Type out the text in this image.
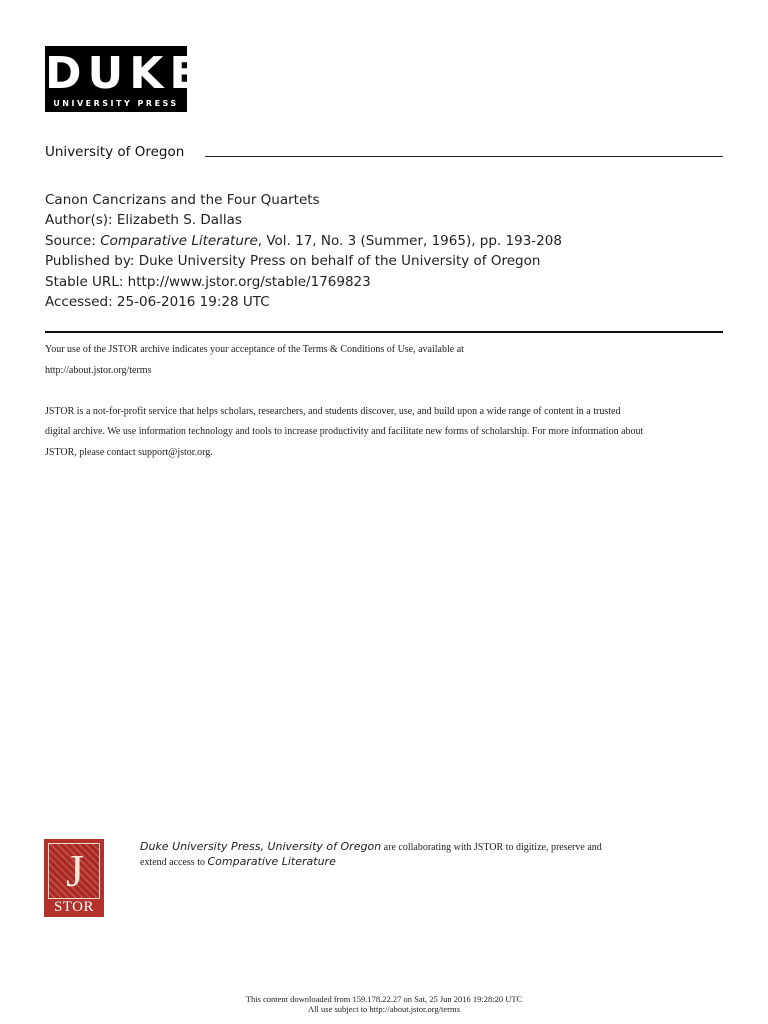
DUKE
UNIVERSITY PRESS
University of Oregon
Canon Cancrizans and the Four Quartets
Author(s): Elizabeth S. Dallas
Source: Comparative Literature, Vol. 17, No. 3 (Summer, 1965), pp. 193-208
Published by: Duke University Press on behalf of the University of Oregon
Stable URL: http://www.jstor.org/stable/1769823
Accessed: 25-06-2016 19:28 UTC

Your use of the JSTOR archive indicates your acceptance of the Terms & Conditions of Use, available at

http://about.jstor.org/terms

JSTOR is a not-for-profit service that helps scholars, researchers, and students discover, use, and build upon a wide range of content in a trusted

digital archive. We use information technology and tools to increase productivity and facilitate new forms of scholarship. For more information about

JSTOR, please contact support@jstor.org.

J
STOR
Duke University Press, University of Oregon are collaborating with JSTOR to digitize, preserve and
extend access to Comparative Literature
This content downloaded from 159.178.22.27 on Sat, 25 Jun 2016 19:28:20 UTC
All use subject to http://about.jstor.org/terms
